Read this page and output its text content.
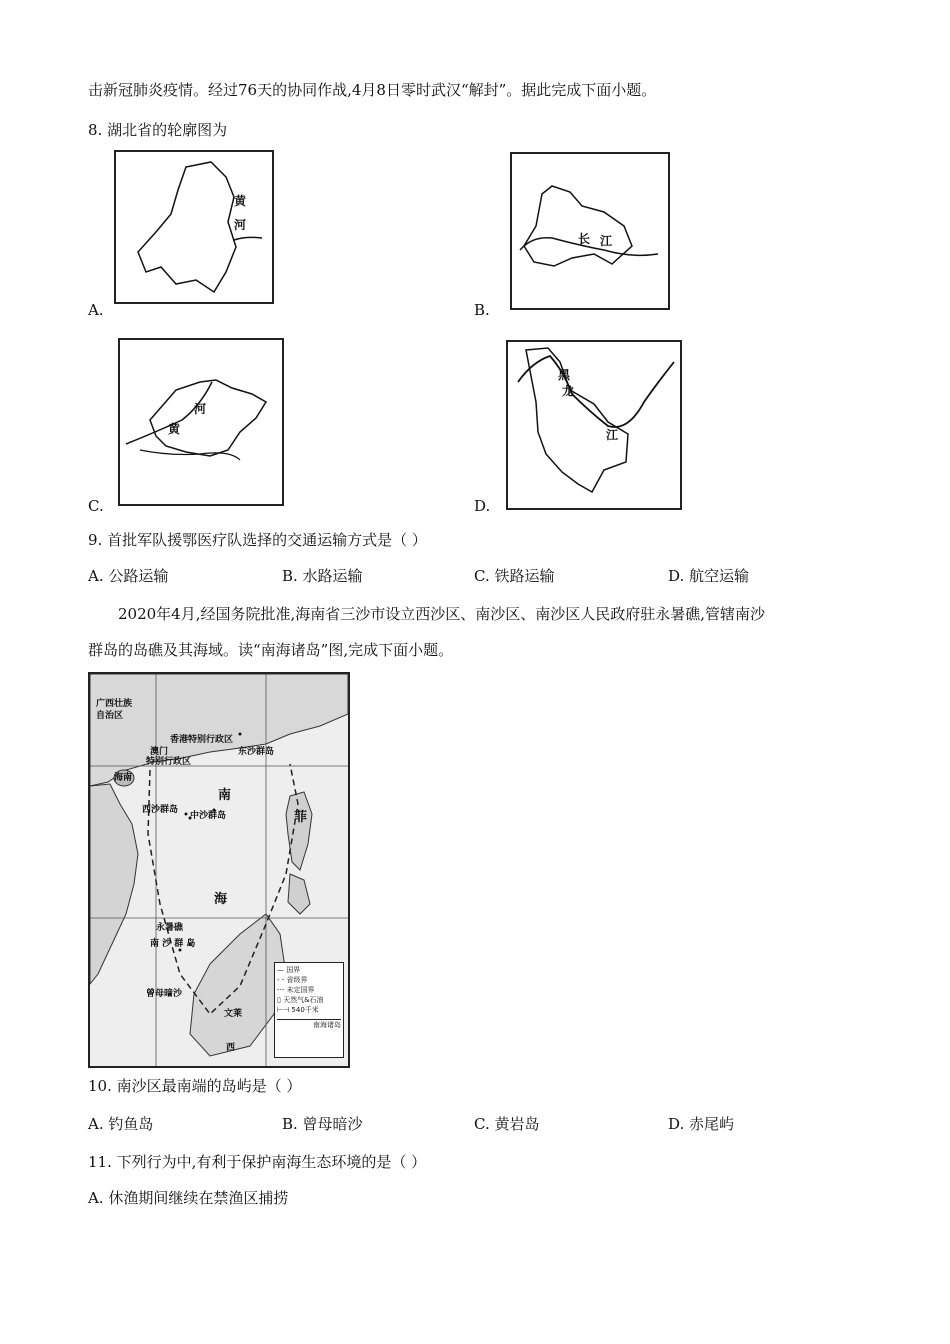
击新冠肺炎疫情。经过76天的协同作战,4月8日零时武汉“解封”。据此完成下面小题。
8. 湖北省的轮廓图为
黄
河
A.
长 江
B.
河
黄
C.
黑
龙
江
D.
9. 首批军队援鄂医疗队选择的交通运输方式是（ ）
A. 公路运输	B. 水路运输	C. 铁路运输	D. 航空运输
2020年4月,经国务院批准,海南省三沙市设立西沙区、南沙区、南沙区人民政府驻永暑礁,管辖南沙
群岛的岛礁及其海域。读“南海诸岛”图,完成下面小题。
广西壮族
自治区
香港特别行政区
澳门
特别行政区
东沙群岛
海南
南
菲
西沙群岛
中沙群岛
海
永暑礁
南 沙 群 岛
文莱
曾母暗沙
西
— 国界
- - 省级界
-·- 未定国界
▯ 天然气&石油
⊢⊣ 540千米
南海诸岛
10. 南沙区最南端的岛屿是（ ）
A. 钓鱼岛	B. 曾母暗沙	C. 黄岩岛	D. 赤尾屿
11. 下列行为中,有利于保护南海生态环境的是（ ）
A. 休渔期间继续在禁渔区捕捞
